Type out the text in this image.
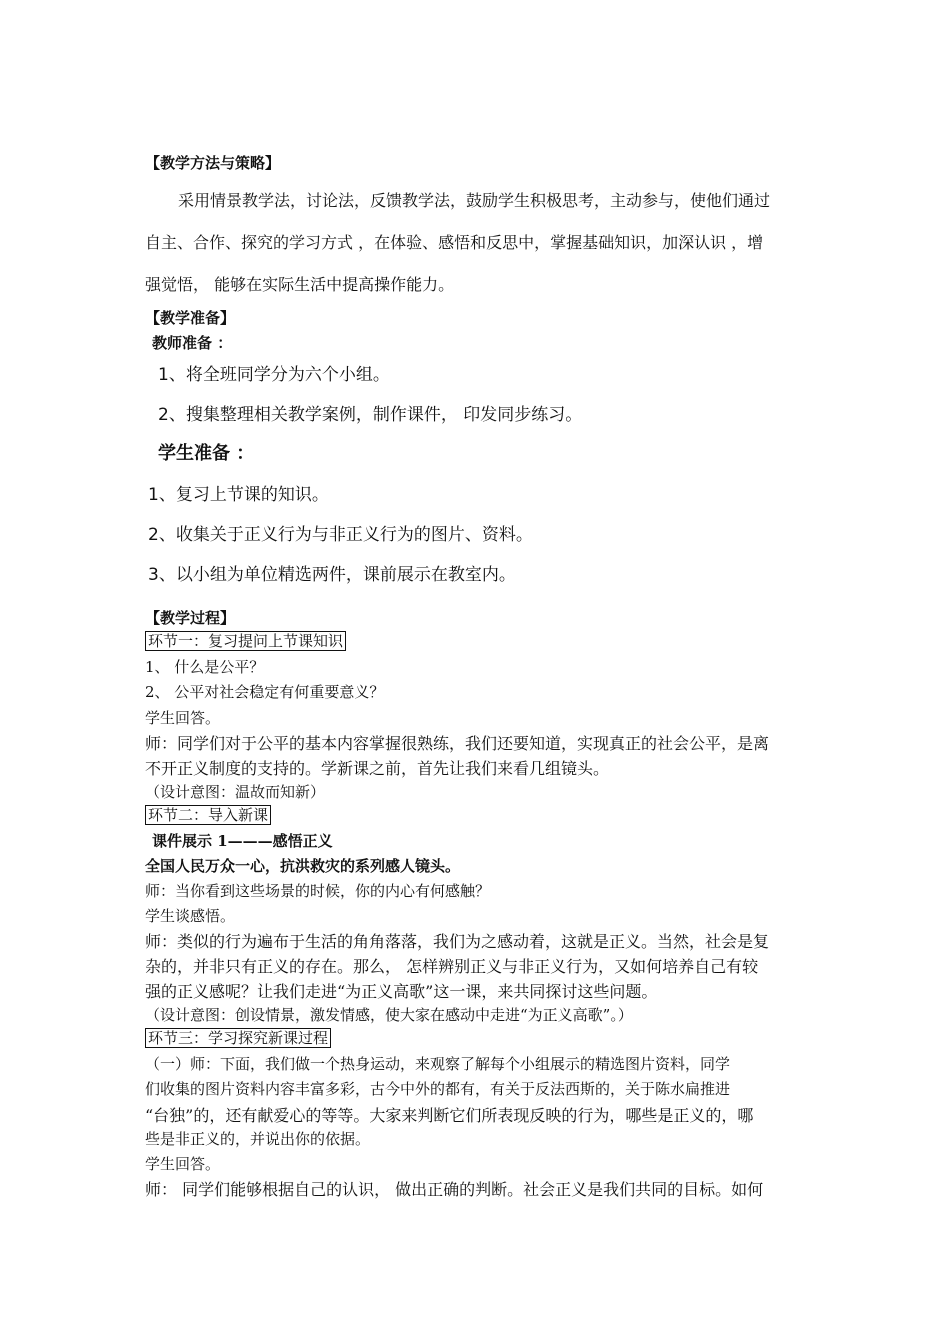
【教学方法与策略】
采用情景教学法，讨论法，反馈教学法，鼓励学生积极思考，主动参与，使他们通过
自主、合作、探究的学习方式 ，在体验、感悟和反思中，掌握基础知识，加深认识 ，增
强觉悟， 能够在实际生活中提高操作能力。
【教学准备】
教师准备 ：
1、将全班同学分为六个小组。
2、搜集整理相关教学案例，制作课件， 印发同步练习。
学生准备 ：
1、复习上节课的知识。
2、收集关于正义行为与非正义行为的图片、资料。
3、以小组为单位精选两件，课前展示在教室内。
【教学过程】
环节一：复习提问上节课知识
1、 什么是公平？
2、 公平对社会稳定有何重要意义？
学生回答。
师：同学们对于公平的基本内容掌握很熟练，我们还要知道，实现真正的社会公平，是离
不开正义制度的支持的。学新课之前，首先让我们来看几组镜头。
（设计意图：温故而知新）
环节二：导入新课
课件展示 1———感悟正义
全国人民万众一心，抗洪救灾的系列感人镜头。
师：当你看到这些场景的时候，你的内心有何感触？
学生谈感悟。
师：类似的行为遍布于生活的角角落落，我们为之感动着，这就是正义。当然，社会是复
杂的，并非只有正义的存在。那么， 怎样辨别正义与非正义行为，又如何培养自己有较
强的正义感呢？让我们走进“为正义高歌”这一课，来共同探讨这些问题。
（设计意图：创设情景，激发情感，使大家在感动中走进“为正义高歌”。）
环节三：学习探究新课过程
（一）师：下面，我们做一个热身运动，来观察了解每个小组展示的精选图片资料，同学
们收集的图片资料内容丰富多彩，古今中外的都有，有关于反法西斯的，关于陈水扁推进
“台独”的，还有献爱心的等等。大家来判断它们所表现反映的行为，哪些是正义的，哪
些是非正义的，并说出你的依据。
学生回答。
师： 同学们能够根据自己的认识， 做出正确的判断。社会正义是我们共同的目标。如何
